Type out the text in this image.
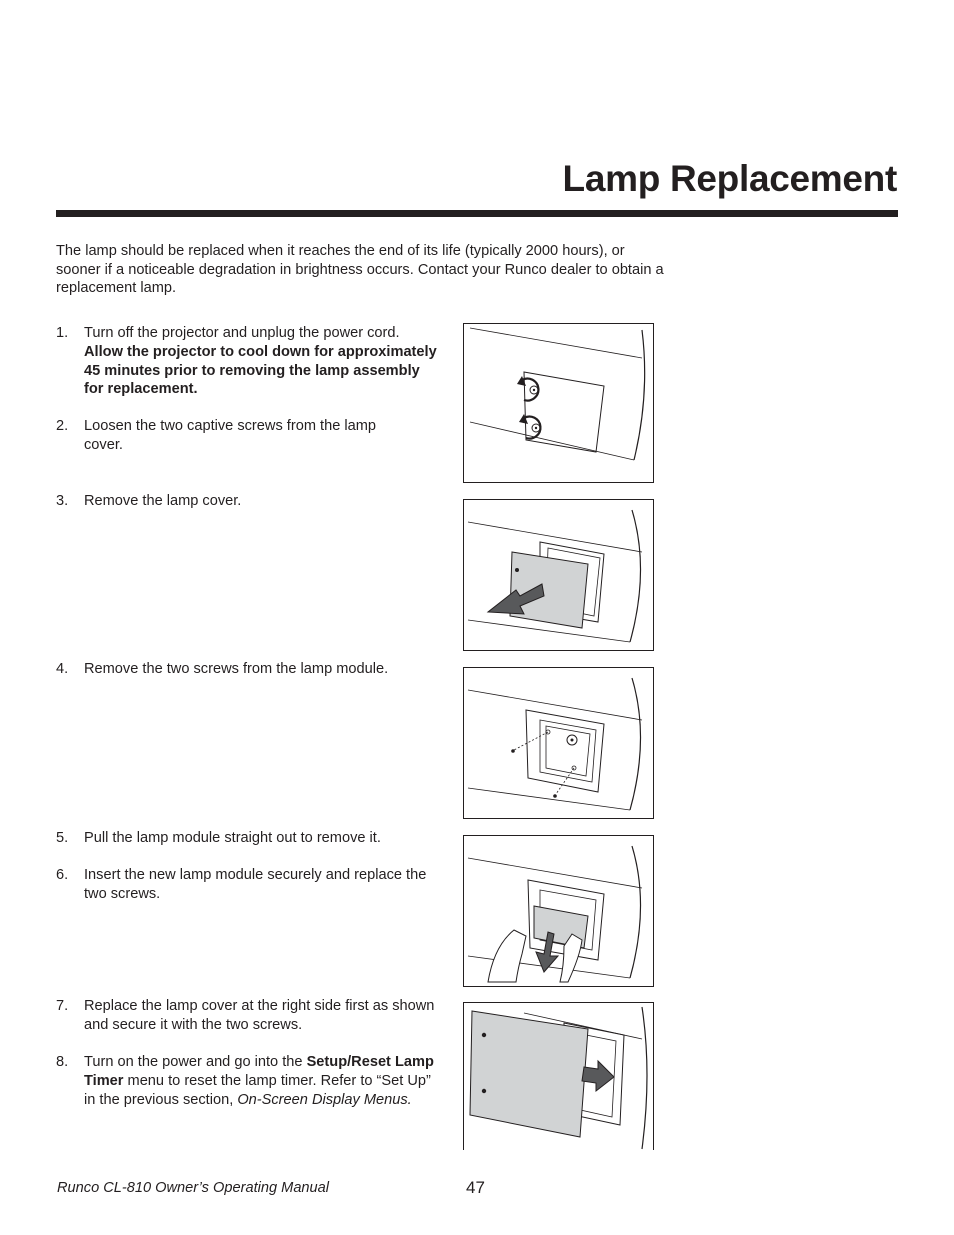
Lamp Replacement

The lamp should be replaced when it reaches the end of its life (typically 2000 hours), or sooner if a noticeable degradation in brightness occurs. Contact your Runco dealer to obtain a replacement lamp.

1.	Turn off the projector and unplug the power cord. Allow the projector to cool down for approximately 45 minutes prior to removing the lamp assembly for replacement.
2.	Loosen the two captive screws from the lamp cover.
3.	Remove the lamp cover.
4.	Remove the two screws from the lamp module.
5.	Pull the lamp module straight out to remove it.
6.	Insert the new lamp module securely and replace the two screws.
7.	Replace the lamp cover at the right side first as shown and secure it with the two screws.
8.	Turn on the power and go into the Setup/Reset Lamp Timer menu to reset the lamp timer. Refer to “Set Up” in the previous section, On-Screen Display Menus.
Runco CL-810 Owner’s Operating Manual	47
